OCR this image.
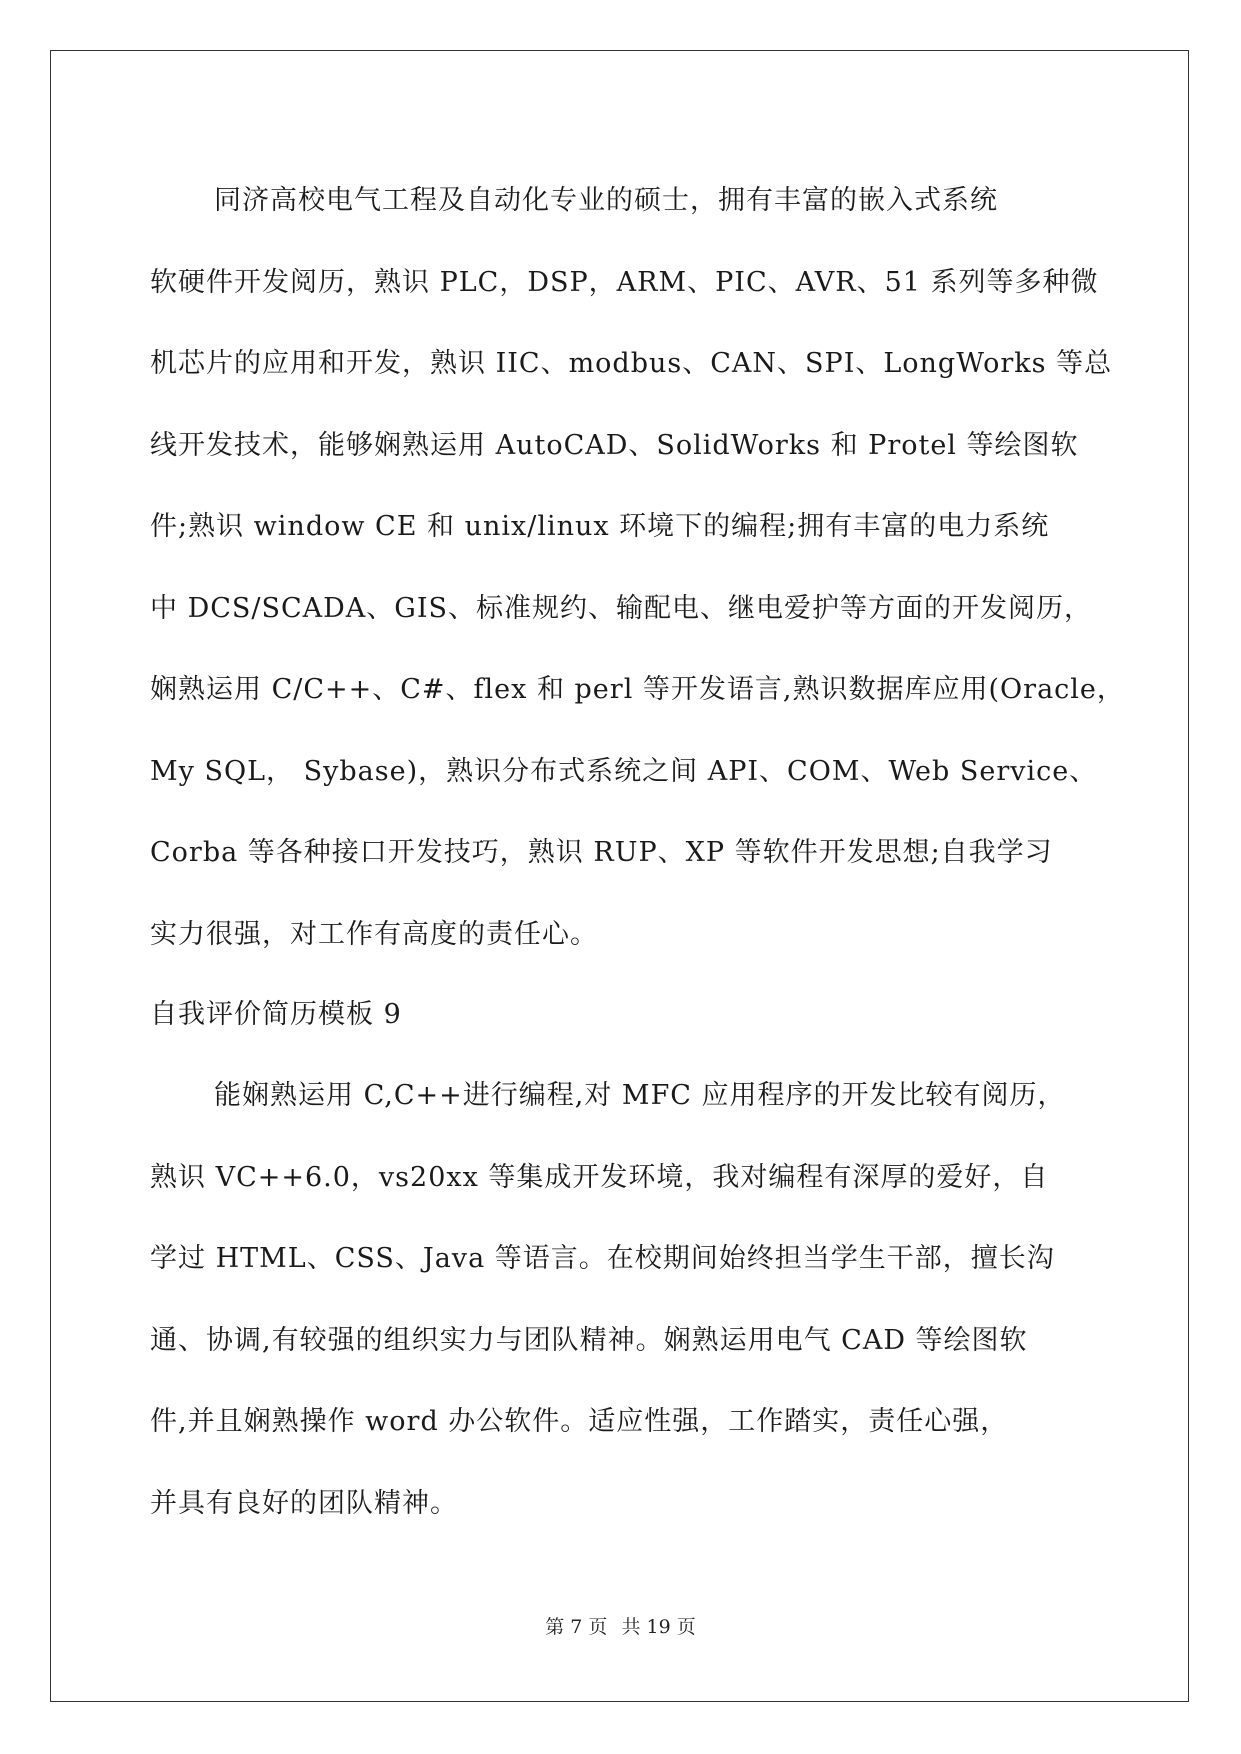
同济高校电气工程及自动化专业的硕士，拥有丰富的嵌入式系统
软硬件开发阅历，熟识 PLC，DSP，ARM、PIC、AVR、51 系列等多种微
机芯片的应用和开发，熟识 IIC、modbus、CAN、SPI、LongWorks 等总
线开发技术，能够娴熟运用 AutoCAD、SolidWorks 和 Protel 等绘图软
件;熟识 window CE 和 unix/linux 环境下的编程;拥有丰富的电力系统
中 DCS/SCADA、GIS、标准规约、输配电、继电爱护等方面的开发阅历，
娴熟运用 C/C++、C#、flex 和 perl 等开发语言,熟识数据库应用(Oracle，
My SQL， Sybase)，熟识分布式系统之间 API、COM、Web Service、
Corba 等各种接口开发技巧，熟识 RUP、XP 等软件开发思想;自我学习
实力很强，对工作有高度的责任心。
自我评价简历模板 9
能娴熟运用 C,C++进行编程,对 MFC 应用程序的开发比较有阅历，
熟识 VC++6.0，vs20xx 等集成开发环境，我对编程有深厚的爱好，自
学过 HTML、CSS、Java 等语言。在校期间始终担当学生干部，擅长沟
通、协调,有较强的组织实力与团队精神。娴熟运用电气 CAD 等绘图软
件,并且娴熟操作 word 办公软件。适应性强，工作踏实，责任心强，
并具有良好的团队精神。
第 7 页 共 19 页
